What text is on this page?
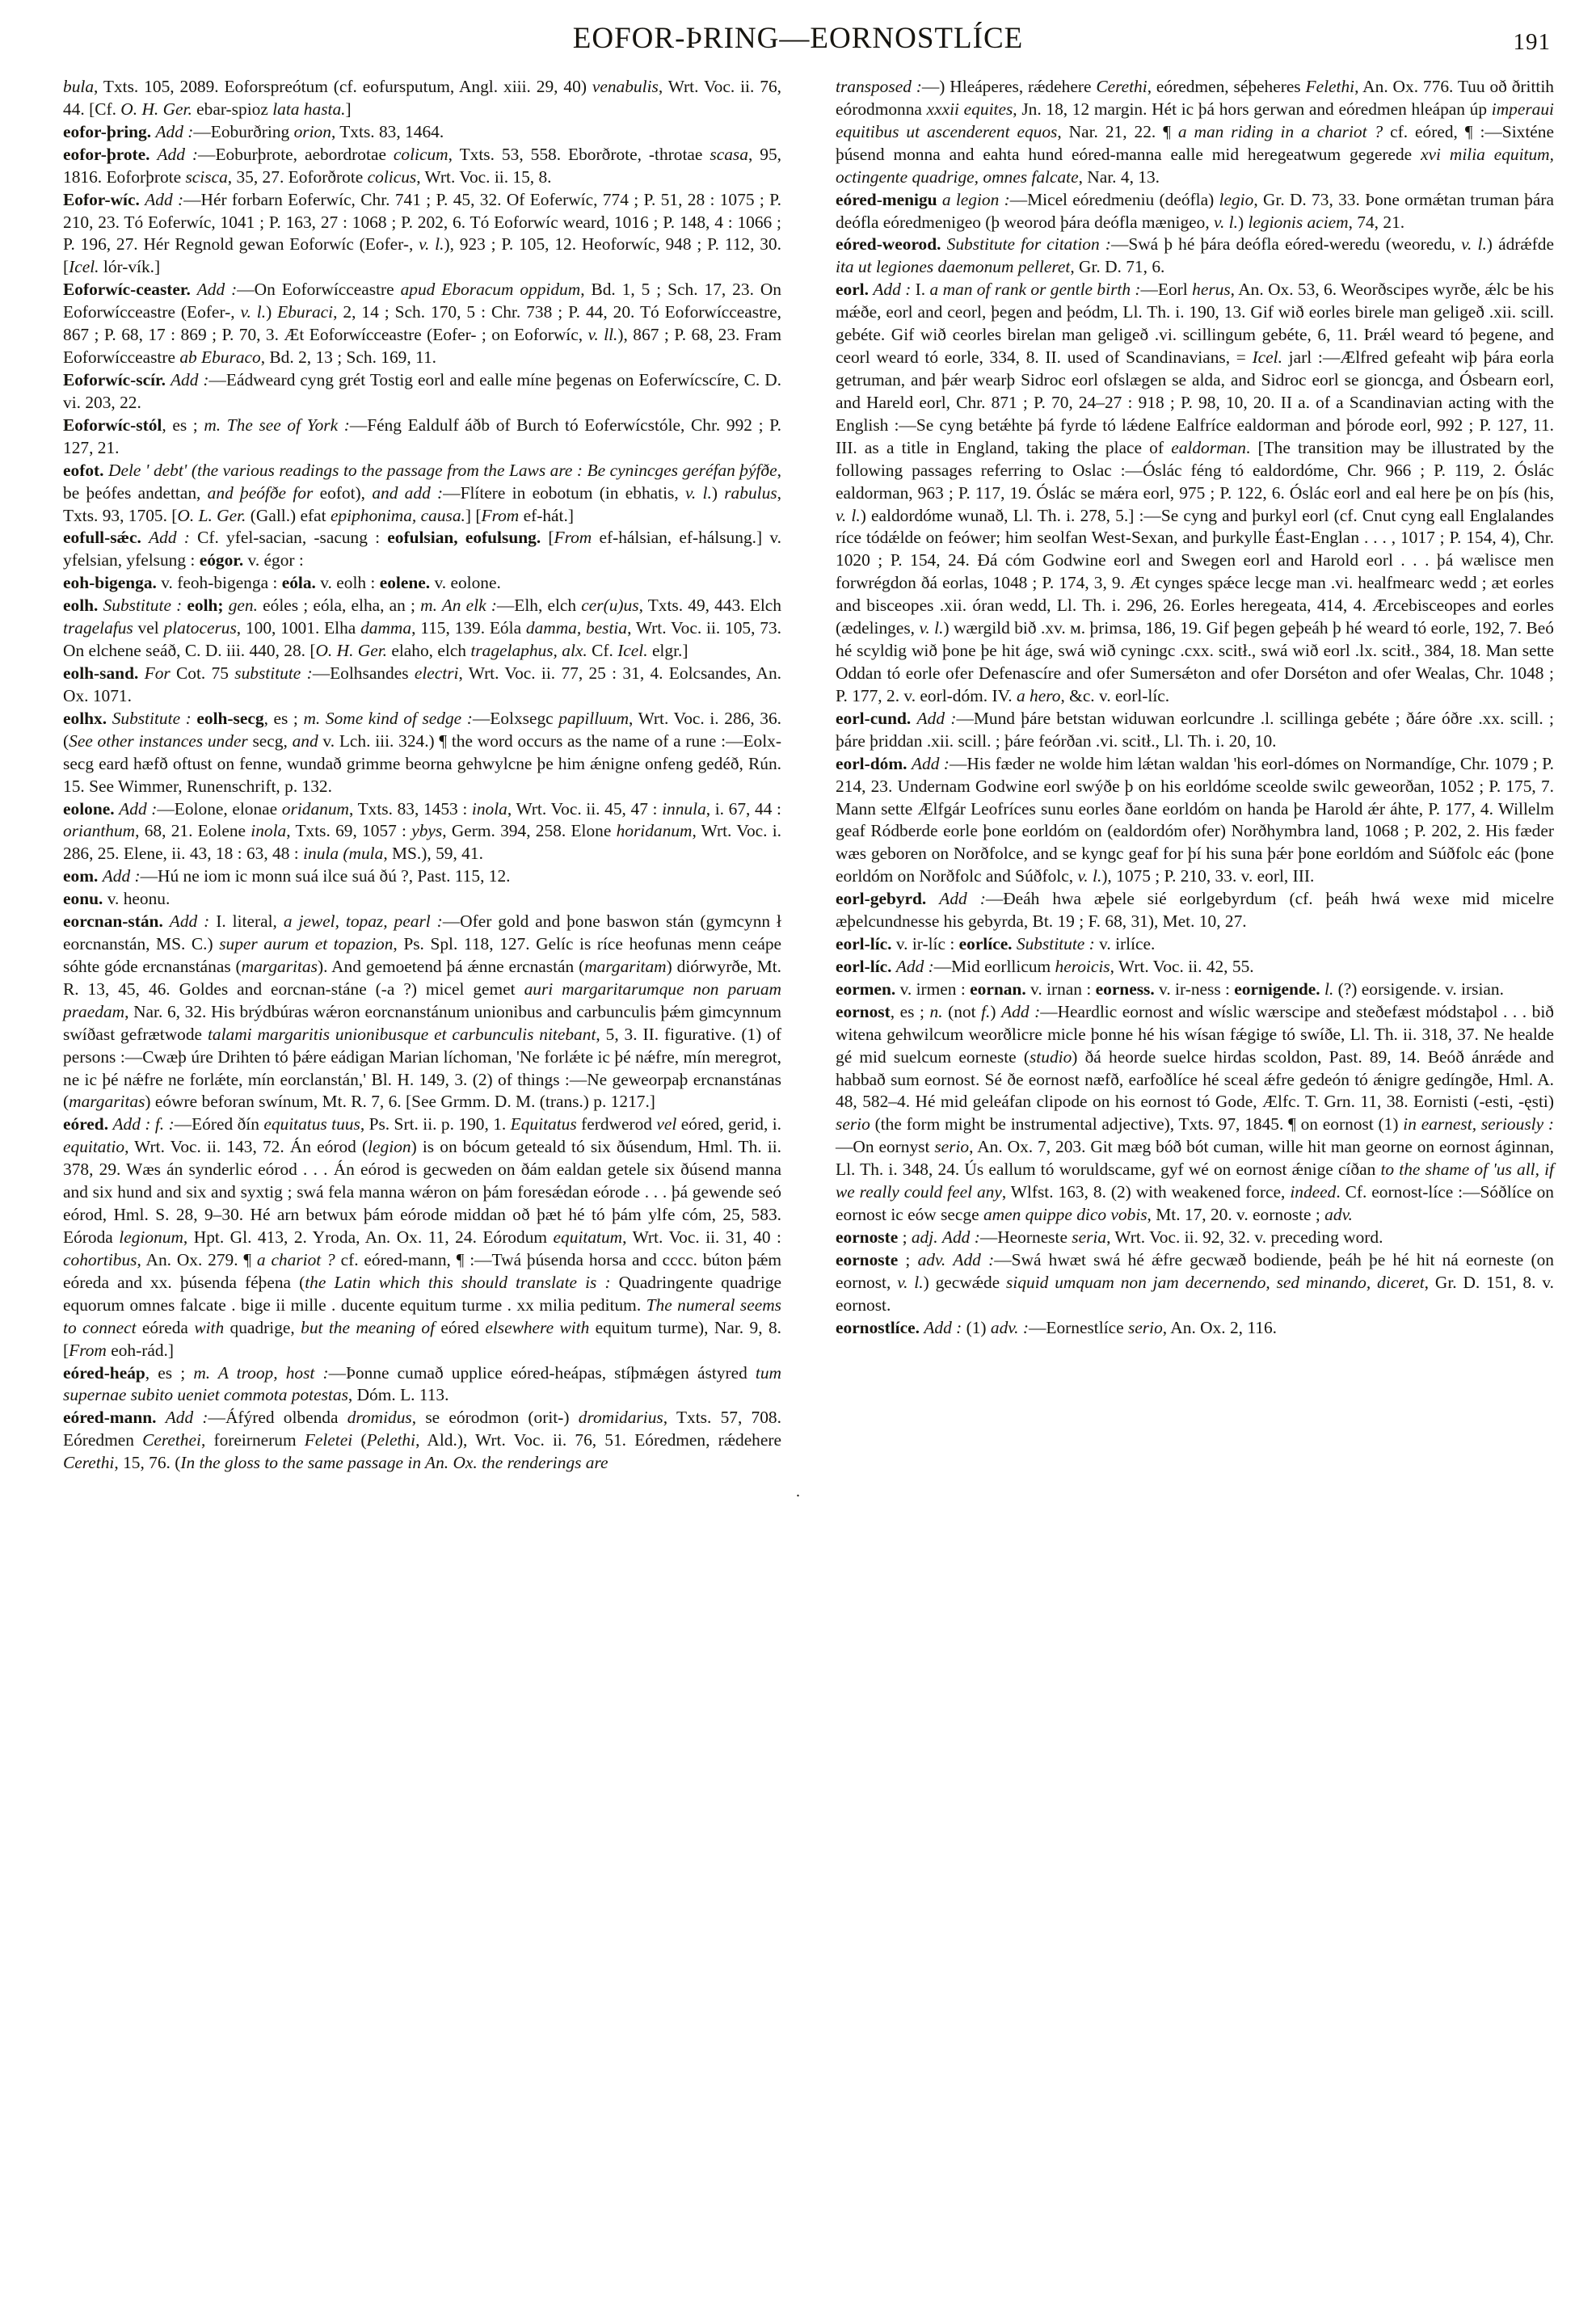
EOFOR-ÞRING—EORNOSTLÍCE	191

bula, Txts. 105, 2089. Eoforspreótum (cf. eofursputum, Angl. xiii. 29, 40) venabulis, Wrt. Voc. ii. 76, 44. [Cf. O. H. Ger. ebar-spioz lata hasta.]

eofor-þring. Add :—Eoburðring orion, Txts. 83, 1464.

eofor-þrote. Add :—Eoburþrote, aebordrotae colicum, Txts. 53, 558. Eborðrote, -throtae scasa, 95, 1816. Eoforþrote scisca, 35, 27. Eoforðrote colicus, Wrt. Voc. ii. 15, 8.

Eofor-wíc. Add :—Hér forbarn Eoferwíc, Chr. 741 ; P. 45, 32. Of Eoferwíc, 774 ; P. 51, 28 : 1075 ; P. 210, 23. Tó Eoferwíc, 1041 ; P. 163, 27 : 1068 ; P. 202, 6. Tó Eoforwíc weard, 1016 ; P. 148, 4 : 1066 ; P. 196, 27. Hér Regnold gewan Eoforwíc (Eofer-, v. l.), 923 ; P. 105, 12. Heoforwíc, 948 ; P. 112, 30. [Icel. lór-vík.]

Eoforwíc-ceaster. Add :—On Eoforwícceastre apud Eboracum oppidum, Bd. 1, 5 ; Sch. 17, 23. On Eoforwícceastre (Eofer-, v. l.) Eburaci, 2, 14 ; Sch. 170, 5 : Chr. 738 ; P. 44, 20. Tó Eoforwícceastre, 867 ; P. 68, 17 : 869 ; P. 70, 3. Æt Eoforwícceastre (Eofer- ; on Eoforwíc, v. ll.), 867 ; P. 68, 23. Fram Eoforwícceastre ab Eburaco, Bd. 2, 13 ; Sch. 169, 11.

Eoforwíc-scír. Add :—Eádweard cyng grét Tostig eorl and ealle míne þegenas on Eoferwícscíre, C. D. vi. 203, 22.

Eoforwíc-stól, es ; m. The see of York :—Féng Ealdulf áðb of Burch tó Eoferwícstóle, Chr. 992 ; P. 127, 21.

eofot. Dele ' debt' (the various readings to the passage from the Laws are : Be cynincges geréfan þýfðe, be þeófes andettan, and þeófðe for eofot), and add :—Flítere in eobotum (in ebhatis, v. l.) rabulus, Txts. 93, 1705. [O. L. Ger. (Gall.) efat epiphonima, causa.] [From ef-hát.]

eofull-sǽc. Add : Cf. yfel-sacian, -sacung : eofulsian, eofulsung. [From ef-hálsian, ef-hálsung.] v. yfelsian, yfelsung : eógor. v. égor :

eoh-bigenga. v. feoh-bigenga : eóla. v. eolh : eolene. v. eolone.

eolh. Substitute : eolh; gen. eóles ; eóla, elha, an ; m. An elk :—Elh, elch cer(u)us, Txts. 49, 443. Elch tragelafus vel platocerus, 100, 1001. Elha damma, 115, 139. Eóla damma, bestia, Wrt. Voc. ii. 105, 73. On elchene seáð, C. D. iii. 440, 28. [O. H. Ger. elaho, elch tragelaphus, alx. Cf. Icel. elgr.]

eolh-sand. For Cot. 75 substitute :—Eolhsandes electri, Wrt. Voc. ii. 77, 25 : 31, 4. Eolcsandes, An. Ox. 1071.

eolhx. Substitute : eolh-secg, es ; m. Some kind of sedge :—Eolxsegc papilluum, Wrt. Voc. i. 286, 36. (See other instances under secg, and v. Lch. iii. 324.) ¶ the word occurs as the name of a rune :—Eolx-secg eard hæfð oftust on fenne, wundað grimme beorna gehwylcne þe him ǽnigne onfeng gedéð, Rún. 15. See Wimmer, Runenschrift, p. 132.

eolone. Add :—Eolone, elonae oridanum, Txts. 83, 1453 : inola, Wrt. Voc. ii. 45, 47 : innula, i. 67, 44 : orianthum, 68, 21. Eolene inola, Txts. 69, 1057 : ybys, Germ. 394, 258. Elone horidanum, Wrt. Voc. i. 286, 25. Elene, ii. 43, 18 : 63, 48 : inula (mula, MS.), 59, 41.

eom. Add :—Hú ne iom ic monn suá ilce suá ðú ?, Past. 115, 12.

eonu. v. heonu.

eorcnan-stán. Add : I. literal, a jewel, topaz, pearl :—Ofer gold and þone baswon stán (gymcynn ł eorcnanstán, MS. C.) super aurum et topazion, Ps. Spl. 118, 127. Gelíc is ríce heofunas menn ceápe sóhte góde ercnanstánas (margaritas). And gemoetend þá ǽnne ercnastán (margaritam) diórwyrðe, Mt. R. 13, 45, 46. Goldes and eorcnan-stáne (-a ?) micel gemet auri margaritarumque non paruam praedam, Nar. 6, 32. His brýdbúras wǽron eorcnanstánum unionibus and carbunculis þǽm gimcynnum swíðast gefrætwode talami margaritis unionibusque et carbunculis nitebant, 5, 3. II. figurative. (1) of persons :—Cwæþ úre Drihten tó þǽre eádigan Marian líchoman, 'Ne forlǽte ic þé nǽfre, mín meregrot, ne ic þé nǽfre ne forlǽte, mín eorclanstán,' Bl. H. 149, 3. (2) of things :—Ne geweorpaþ ercnanstánas (margaritas) eówre beforan swínum, Mt. R. 7, 6. [See Grmm. D. M. (trans.) p. 1217.]

eóred. Add : f. :—Eóred ðín equitatus tuus, Ps. Srt. ii. p. 190, 1. Equitatus ferdwerod vel eóred, gerid, i. equitatio, Wrt. Voc. ii. 143, 72. Án eórod (legion) is on bócum geteald tó six ðúsendum, Hml. Th. ii. 378, 29. Wæs án synderlic eórod . . . Án eórod is gecweden on ðám ealdan getele six ðúsend manna and six hund and six and syxtig ; swá fela manna wǽron on þám foresǽdan eórode . . . þá gewende seó eórod, Hml. S. 28, 9–30. Hé arn betwux þám eórode middan oð þæt hé tó þám ylfe cóm, 25, 583. Eóroda legionum, Hpt. Gl. 413, 2. Yroda, An. Ox. 11, 24. Eórodum equitatum, Wrt. Voc. ii. 31, 40 : cohortibus, An. Ox. 279. ¶ a chariot ? cf. eóred-mann, ¶ :—Twá þúsenda horsa and cccc. búton þǽm eóreda and xx. þúsenda féþena (the Latin which this should translate is : Quadringente quadrige equorum omnes falcate . bige ii mille . ducente equitum turme . xx milia peditum. The numeral seems to connect eóreda with quadrige, but the meaning of eóred elsewhere with equitum turme), Nar. 9, 8. [From eoh-rád.]

eóred-heáp, es ; m. A troop, host :—Þonne cumað upplice eóred-heápas, stíþmǽgen ástyred tum supernae subito ueniet commota potestas, Dóm. L. 113.

eóred-mann. Add :—Áfýred olbenda dromidus, se eórodmon (orit-) dromidarius, Txts. 57, 708. Eóredmen Cerethei, foreirnerum Feletei (Pelethi, Ald.), Wrt. Voc. ii. 76, 51. Eóredmen, rǽdehere Cerethi, 15, 76. (In the gloss to the same passage in An. Ox. the renderings are

transposed :—) Hleáperes, rǽdehere Cerethi, eóredmen, séþeheres Felethi, An. Ox. 776. Tuu oð ðrittih eórodmonna xxxii equites, Jn. 18, 12 margin. Hét ic þá hors gerwan and eóredmen hleápan úp imperaui equitibus ut ascenderent equos, Nar. 21, 22. ¶ a man riding in a chariot ? cf. eóred, ¶ :—Sixténe þúsend monna and eahta hund eóred-manna ealle mid heregeatwum gegerede xvi milia equitum, octingente quadrige, omnes falcate, Nar. 4, 13.

eóred-menigu a legion :—Micel eóredmeniu (deófla) legio, Gr. D. 73, 33. Þone ormǽtan truman þára deófla eóredmenigeo (þ weorod þára deófla mænigeo, v. l.) legionis aciem, 74, 21.

eóred-weorod. Substitute for citation :—Swá þ hé þára deófla eóred-weredu (weoredu, v. l.) ádrǽfde ita ut legiones daemonum pelleret, Gr. D. 71, 6.

eorl. Add : I. a man of rank or gentle birth :—Eorl herus, An. Ox. 53, 6. Weorðscipes wyrðe, ǽlc be his mǽðe, eorl and ceorl, þegen and þeódm, Ll. Th. i. 190, 13. Gif wið eorles birele man geligeð .xii. scill. gebéte. Gif wið ceorles birelan man geligeð .vi. scillingum gebéte, 6, 11. Þrǽl weard tó þegene, and ceorl weard tó eorle, 334, 8. II. used of Scandinavians, = Icel. jarl :—Ælfred gefeaht wiþ þára eorla getruman, and þǽr wearþ Sidroc eorl ofslægen se alda, and Sidroc eorl se gioncga, and Ósbearn eorl, and Hareld eorl, Chr. 871 ; P. 70, 24–27 : 918 ; P. 98, 10, 20. II a. of a Scandinavian acting with the English :—Se cyng betǽhte þá fyrde tó lǽdene Ealfríce ealdorman and þórode eorl, 992 ; P. 127, 11. III. as a title in England, taking the place of ealdorman. [The transition may be illustrated by the following passages referring to Oslac :—Óslác féng tó ealdordóme, Chr. 966 ; P. 119, 2. Óslác ealdorman, 963 ; P. 117, 19. Óslác se mǽra eorl, 975 ; P. 122, 6. Óslác eorl and eal here þe on þís (his, v. l.) ealdordóme wunað, Ll. Th. i. 278, 5.] :—Se cyng and þurkyl eorl (cf. Cnut cyng eall Englalandes ríce tódǽlde on feówer; him seolfan West-Sexan, and þurkylle Éast-Englan . . . , 1017 ; P. 154, 4), Chr. 1020 ; P. 154, 24. Ðá cóm Godwine eorl and Swegen eorl and Harold eorl . . . þá wælisce men forwrégdon ðá eorlas, 1048 ; P. 174, 3, 9. Æt cynges spǽce lecge man .vi. healfmearc wedd ; æt eorles and bisceopes .xii. óran wedd, Ll. Th. i. 296, 26. Eorles heregeata, 414, 4. Ærcebisceopes and eorles (ædelinges, v. l.) wærgild bið .xv. м. þrimsa, 186, 19. Gif þegen geþeáh þ hé weard tó eorle, 192, 7. Beó hé scyldig wið þone þe hit áge, swá wið cyningc .cxx. scitł., swá wið eorl .lx. scitł., 384, 18. Man sette Oddan tó eorle ofer Defenascíre and ofer Sumersǽton and ofer Dorséton and ofer Wealas, Chr. 1048 ; P. 177, 2. v. eorl-dóm. IV. a hero, &c. v. eorl-líc.

eorl-cund. Add :—Mund þáre betstan widuwan eorlcundre .l. scillinga gebéte ; ðáre óðre .xx. scill. ; þáre þriddan .xii. scill. ; þáre feórðan .vi. scitł., Ll. Th. i. 20, 10.

eorl-dóm. Add :—His fæder ne wolde him lǽtan waldan 'his eorl-dómes on Normandíge, Chr. 1079 ; P. 214, 23. Undernam Godwine eorl swýðe þ on his eorldóme sceolde swilc geweorðan, 1052 ; P. 175, 7. Mann sette Ælfgár Leofríces sunu eorles ðane eorldóm on handa þe Harold ǽr áhte, P. 177, 4. Willelm geaf Ródberde eorle þone eorldóm on (ealdordóm ofer) Norðhymbra land, 1068 ; P. 202, 2. His fæder wæs geboren on Norðfolce, and se kyngc geaf for þí his suna þǽr þone eorldóm and Súðfolc eác (þone eorldóm on Norðfolc and Súðfolc, v. l.), 1075 ; P. 210, 33. v. eorl, III.

eorl-gebyrd. Add :—Ðeáh hwa æþele sié eorlgebyrdum (cf. þeáh hwá wexe mid micelre æþelcundnesse his gebyrda, Bt. 19 ; F. 68, 31), Met. 10, 27.

eorl-líc. v. ir-líc : eorlíce. Substitute : v. irlíce.

eorl-líc. Add :—Mid eorllicum heroicis, Wrt. Voc. ii. 42, 55.

eormen. v. irmen : eornan. v. irnan : eorness. v. ir-ness : eornigende. l. (?) eorsigende. v. irsian.

eornost, es ; n. (not f.) Add :—Heardlic eornost and wíslic wærscipe and steðefæst módstaþol . . . bið witena gehwilcum weorðlicre micle þonne hé his wísan fǽgige tó swíðe, Ll. Th. ii. 318, 37. Ne healde gé mid suelcum eorneste (studio) ðá heorde suelce hirdas scoldon, Past. 89, 14. Beóð ánrǽde and habbað sum eornost. Sé ðe eornost næfð, earfoðlíce hé sceal ǽfre gedeón tó ǽnigre gedíngðe, Hml. A. 48, 582–4. Hé mid geleáfan clipode on his eornost tó Gode, Ælfc. T. Grn. 11, 38. Eornisti (-esti, -ęsti) serio (the form might be instrumental adjective), Txts. 97, 1845. ¶ on eornost (1) in earnest, seriously :—On eornyst serio, An. Ox. 7, 203. Git mæg bóð bót cuman, wille hit man georne on eornost áginnan, Ll. Th. i. 348, 24. Ús eallum tó woruldscame, gyf wé on eornost ǽnige cíðan to the shame of 'us all, if we really could feel any, Wlfst. 163, 8. (2) with weakened force, indeed. Cf. eornost-líce :—Sóðlíce on eornost ic eów secge amen quippe dico vobis, Mt. 17, 20. v. eornoste ; adv.

eornoste ; adj. Add :—Heorneste seria, Wrt. Voc. ii. 92, 32. v. preceding word.

eornoste ; adv. Add :—Swá hwæt swá hé ǽfre gecwæð bodiende, þeáh þe hé hit ná eorneste (on eornost, v. l.) gecwǽde siquid umquam non jam decernendo, sed minando, diceret, Gr. D. 151, 8. v. eornost.

eornostlíce. Add : (1) adv. :—Eornestlíce serio, An. Ox. 2, 116.

.
